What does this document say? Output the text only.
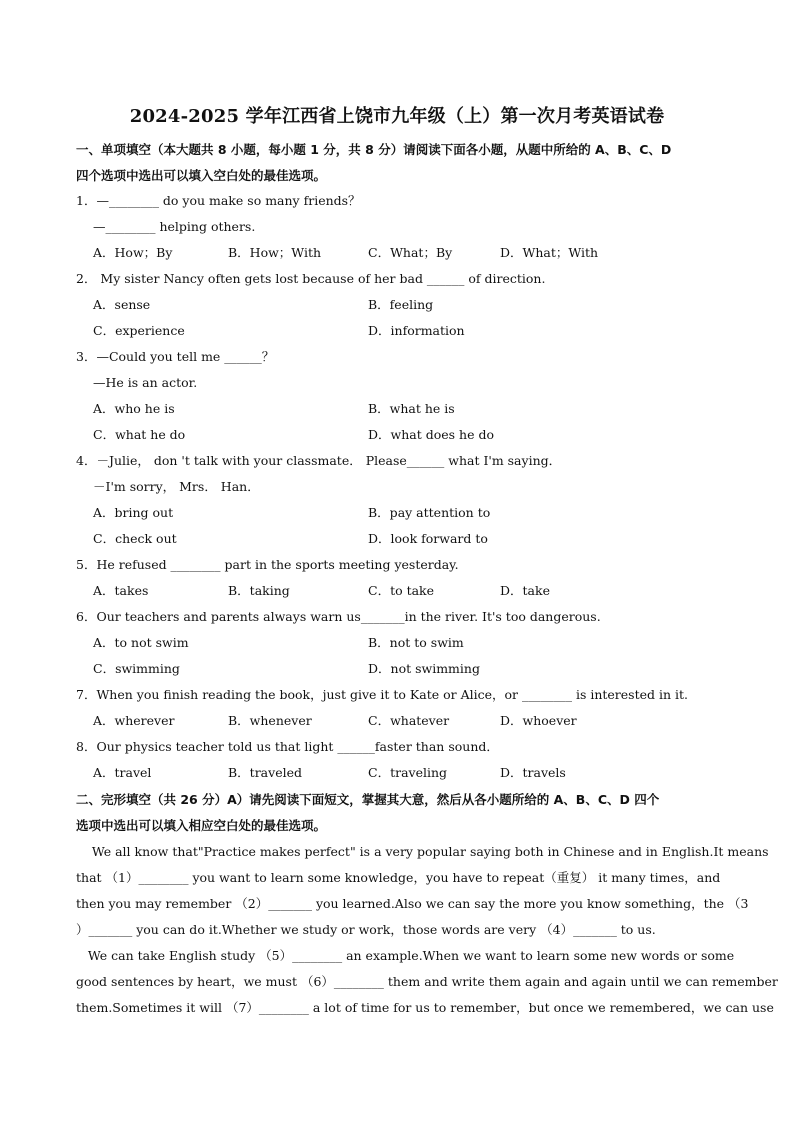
2024-2025 学年江西省上饶市九年级（上）第一次月考英语试卷
一、单项填空（本大题共 8 小题，每小题 1 分，共 8 分）请阅读下面各小题，从题中所给的 A、B、C、D
四个选项中选出可以填入空白处的最佳选项。
1．—________ do you make so many friends？
—________ helping others.
A．How；By	B．How；With	C．What；By	D．What；With
2． My sister Nancy often gets lost because of her bad ______ of direction.
A．sense	B．feeling
C．experience	D．information
3．—Could you tell me ______？
—He is an actor.
A．who he is	B．what he is
C．what he do	D．what does he do
4．－Julie， don 't talk with your classmate． Please______ what I'm saying．
－I'm sorry， Mrs． Han．
A．bring out	B．pay attention to
C．check out	D．look forward to
5．He refused ________ part in the sports meeting yesterday.
A．takes	B．taking	C．to take	D．take
6．Our teachers and parents always warn us_______in the river. It's too dangerous.
A．to not swim	B．not to swim
C．swimming	D．not swimming
7．When you finish reading the book，just give it to Kate or Alice，or ________ is interested in it.
A．wherever	B．whenever	C．whatever	D．whoever
8．Our physics teacher told us that light ______faster than sound．
A．travel	B．traveled	C．traveling	D．travels
二、完形填空（共 26 分）A）请先阅读下面短文，掌握其大意，然后从各小题所给的 A、B、C、D 四个
选项中选出可以填入相应空白处的最佳选项。
We all know that"Practice makes perfect" is a very popular saying both in Chinese and in English.It means
that （1）________ you want to learn some knowledge，you have to repeat（重复） it many times，and
then you may remember （2）_______ you learned.Also we can say the more you know something，the （3
）_______ you can do it.Whether we study or work，those words are very （4）_______ to us.
We can take English study （5）________ an example.When we want to learn some new words or some
good sentences by heart，we must （6）________ them and write them again and again until we can remember
them.Sometimes it will （7）________ a lot of time for us to remember，but once we remembered，we can use
